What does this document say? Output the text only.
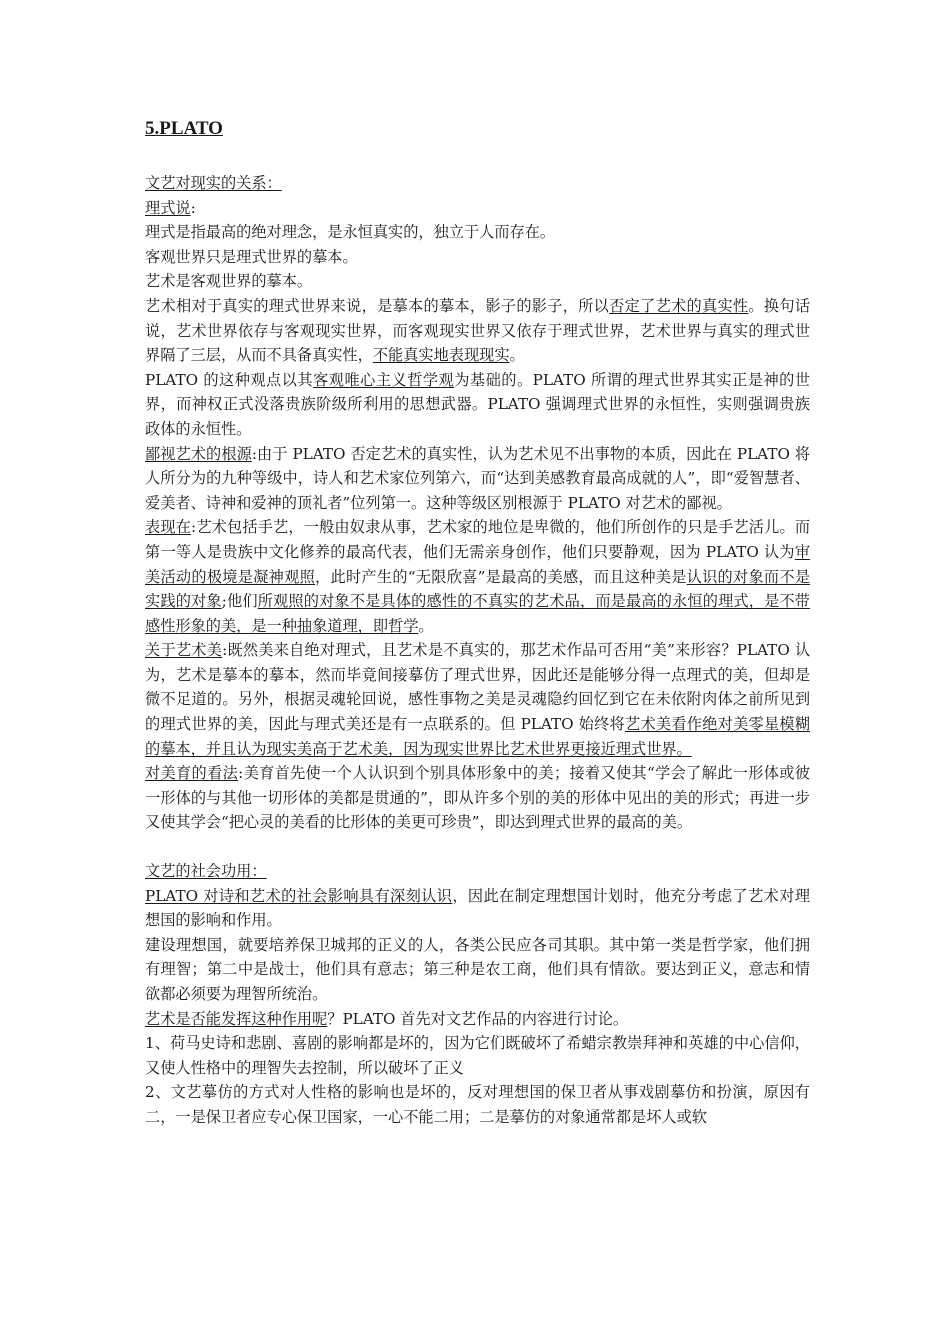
5.PLATO

文艺对现实的关系：

理式说:

理式是指最高的绝对理念，是永恒真实的，独立于人而存在。

客观世界只是理式世界的摹本。

艺术是客观世界的摹本。

艺术相对于真实的理式世界来说，是摹本的摹本，影子的影子，所以否定了艺术的真实性。换句话说，艺术世界依存与客观现实世界，而客观现实世界又依存于理式世界，艺术世界与真实的理式世界隔了三层，从而不具备真实性，不能真实地表现现实。

PLATO 的这种观点以其客观唯心主义哲学观为基础的。PLATO 所谓的理式世界其实正是神的世界，而神权正式没落贵族阶级所利用的思想武器。PLATO 强调理式世界的永恒性，实则强调贵族政体的永恒性。

鄙视艺术的根源:由于 PLATO 否定艺术的真实性，认为艺术见不出事物的本质，因此在 PLATO 将人所分为的九种等级中，诗人和艺术家位列第六，而“达到美感教育最高成就的人”，即“爱智慧者、爱美者、诗神和爱神的顶礼者”位列第一。这种等级区别根源于 PLATO 对艺术的鄙视。

表现在:艺术包括手艺，一般由奴隶从事，艺术家的地位是卑微的，他们所创作的只是手艺活儿。而第一等人是贵族中文化修养的最高代表，他们无需亲身创作，他们只要静观，因为 PLATO 认为审美活动的极境是凝神观照，此时产生的“无限欣喜”是最高的美感，而且这种美是认识的对象而不是实践的对象;他们所观照的对象不是具体的感性的不真实的艺术品，而是最高的永恒的理式，是不带感性形象的美，是一种抽象道理，即哲学。

关于艺术美:既然美来自绝对理式，且艺术是不真实的，那艺术作品可否用“美”来形容？PLATO 认为，艺术是摹本的摹本，然而毕竟间接摹仿了理式世界，因此还是能够分得一点理式的美，但却是微不足道的。另外，根据灵魂轮回说，感性事物之美是灵魂隐约回忆到它在未依附肉体之前所见到的理式世界的美，因此与理式美还是有一点联系的。但 PLATO 始终将艺术美看作绝对美零星模糊的摹本，并且认为现实美高于艺术美，因为现实世界比艺术世界更接近理式世界。

对美育的看法:美育首先使一个人认识到个别具体形象中的美；接着又使其“学会了解此一形体或彼一形体的与其他一切形体的美都是贯通的”，即从许多个别的美的形体中见出的美的形式；再进一步又使其学会“把心灵的美看的比形体的美更可珍贵”，即达到理式世界的最高的美。

文艺的社会功用：

PLATO 对诗和艺术的社会影响具有深刻认识，因此在制定理想国计划时，他充分考虑了艺术对理想国的影响和作用。

建设理想国，就要培养保卫城邦的正义的人，各类公民应各司其职。其中第一类是哲学家，他们拥有理智；第二中是战士，他们具有意志；第三种是农工商，他们具有情欲。要达到正义，意志和情欲都必须要为理智所统治。

艺术是否能发挥这种作用呢？PLATO 首先对文艺作品的内容进行讨论。

1、荷马史诗和悲剧、喜剧的影响都是坏的，因为它们既破坏了希蜡宗教崇拜神和英雄的中心信仰，又使人性格中的理智失去控制，所以破坏了正义

2、文艺摹仿的方式对人性格的影响也是坏的，反对理想国的保卫者从事戏剧摹仿和扮演，原因有二，一是保卫者应专心保卫国家，一心不能二用；二是摹仿的对象通常都是坏人或软
